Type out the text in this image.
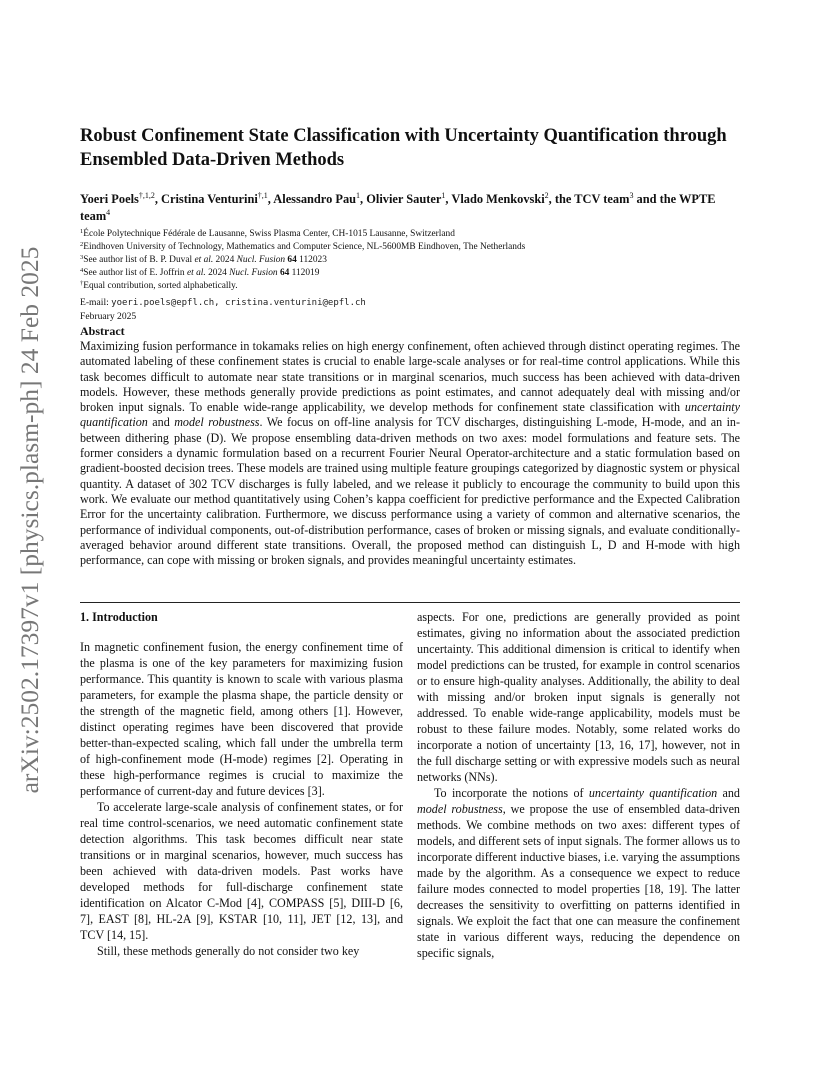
arXiv:2502.17397v1 [physics.plasm-ph] 24 Feb 2025
Robust Confinement State Classification with Uncertainty Quantification through Ensembled Data-Driven Methods
Yoeri Poels$^{\dagger,1,2}$, Cristina Venturini$^{\dagger,1}$, Alessandro Pau$^1$, Olivier Sauter$^1$, Vlado Menkovski$^2$, the TCV team$^3$ and the WPTE team$^4$
$^1$École Polytechnique Fédérale de Lausanne, Swiss Plasma Center, CH-1015 Lausanne, Switzerland
$^2$Eindhoven University of Technology, Mathematics and Computer Science, NL-5600MB Eindhoven, The Netherlands
$^3$See author list of B. P. Duval et al. 2024 Nucl. Fusion 64 112023
$^4$See author list of E. Joffrin et al. 2024 Nucl. Fusion 64 112019
†Equal contribution, sorted alphabetically.
E-mail: yoeri.poels@epfl.ch, cristina.venturini@epfl.ch
February 2025
Abstract

Maximizing fusion performance in tokamaks relies on high energy confinement, often achieved through distinct operating regimes. The automated labeling of these confinement states is crucial to enable large-scale analyses or for real-time control applications. While this task becomes difficult to automate near state transitions or in marginal scenarios, much success has been achieved with data-driven models. However, these methods generally provide predictions as point estimates, and cannot adequately deal with missing and/or broken input signals. To enable wide-range applicability, we develop methods for confinement state classification with uncertainty quantification and model robustness. We focus on off-line analysis for TCV discharges, distinguishing L-mode, H-mode, and an in-between dithering phase (D). We propose ensembling data-driven methods on two axes: model formulations and feature sets. The former considers a dynamic formulation based on a recurrent Fourier Neural Operator-architecture and a static formulation based on gradient-boosted decision trees. These models are trained using multiple feature groupings categorized by diagnostic system or physical quantity. A dataset of 302 TCV discharges is fully labeled, and we release it publicly to encourage the community to build upon this work. We evaluate our method quantitatively using Cohen’s kappa coefficient for predictive performance and the Expected Calibration Error for the uncertainty calibration. Furthermore, we discuss performance using a variety of common and alternative scenarios, the performance of individual components, out-of-distribution performance, cases of broken or missing signals, and evaluate conditionally-averaged behavior around different state transitions. Overall, the proposed method can distinguish L, D and H-mode with high performance, can cope with missing or broken signals, and provides meaningful uncertainty estimates.

1. Introduction

In magnetic confinement fusion, the energy confinement time of the plasma is one of the key parameters for maximizing fusion performance. This quantity is known to scale with various plasma parameters, for example the plasma shape, the particle density or the strength of the magnetic field, among others [1]. However, distinct operating regimes have been discovered that provide better-than-expected scaling, which fall under the umbrella term of high-confinement mode (H-mode) regimes [2]. Operating in these high-performance regimes is crucial to maximize the performance of current-day and future devices [3].

To accelerate large-scale analysis of confinement states, or for real time control-scenarios, we need automatic confinement state detection algorithms. This task becomes difficult near state transitions or in marginal scenarios, however, much success has been achieved with data-driven models. Past works have developed methods for full-discharge confinement state identification on Alcator C-Mod [4], COMPASS [5], DIII-D [6, 7], EAST [8], HL-2A [9], KSTAR [10, 11], JET [12, 13], and TCV [14, 15].

Still, these methods generally do not consider two key

aspects. For one, predictions are generally provided as point estimates, giving no information about the associated prediction uncertainty. This additional dimension is critical to identify when model predictions can be trusted, for example in control scenarios or to ensure high-quality analyses. Additionally, the ability to deal with missing and/or broken input signals is generally not addressed. To enable wide-range applicability, models must be robust to these failure modes. Notably, some related works do incorporate a notion of uncertainty [13, 16, 17], however, not in the full discharge setting or with expressive models such as neural networks (NNs).

To incorporate the notions of uncertainty quantification and model robustness, we propose the use of ensembled data-driven methods. We combine methods on two axes: different types of models, and different sets of input signals. The former allows us to incorporate different inductive biases, i.e. varying the assumptions made by the algorithm. As a consequence we expect to reduce failure modes connected to model properties [18, 19]. The latter decreases the sensitivity to overfitting on patterns identified in signals. We exploit the fact that one can measure the confinement state in various different ways, reducing the dependence on specific signals,
